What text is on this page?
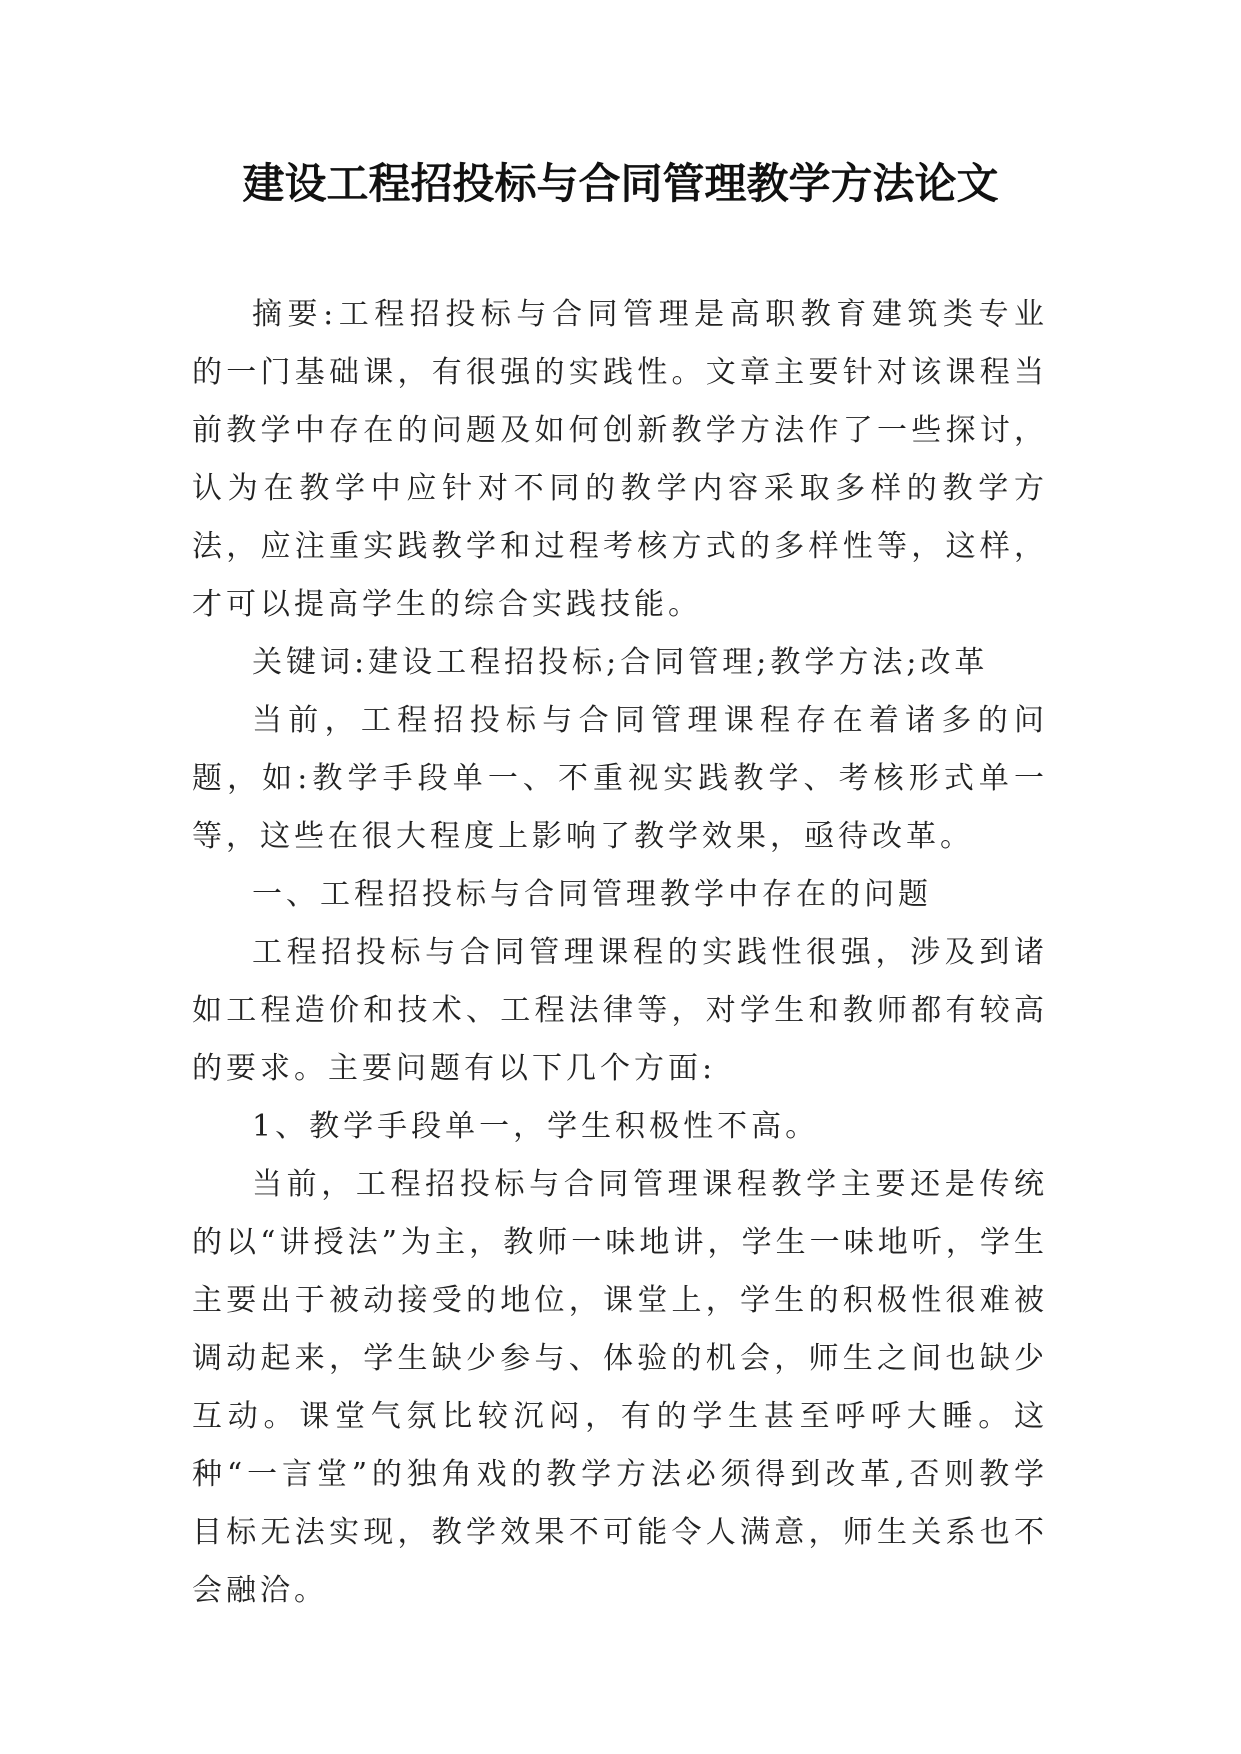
建设工程招投标与合同管理教学方法论文

摘要:工程招投标与合同管理是高职教育建筑类专业的一门基础课，有很强的实践性。文章主要针对该课程当前教学中存在的问题及如何创新教学方法作了一些探讨，认为在教学中应针对不同的教学内容采取多样的教学方法，应注重实践教学和过程考核方式的多样性等，这样，才可以提高学生的综合实践技能。

关键词:建设工程招投标;合同管理;教学方法;改革

当前，工程招投标与合同管理课程存在着诸多的问题，如:教学手段单一、不重视实践教学、考核形式单一等，这些在很大程度上影响了教学效果，亟待改革。

一、工程招投标与合同管理教学中存在的问题

工程招投标与合同管理课程的实践性很强，涉及到诸如工程造价和技术、工程法律等，对学生和教师都有较高的要求。主要问题有以下几个方面:

1、教学手段单一，学生积极性不高。

当前，工程招投标与合同管理课程教学主要还是传统的以“讲授法”为主，教师一味地讲，学生一味地听，学生主要出于被动接受的地位，课堂上，学生的积极性很难被调动起来，学生缺少参与、体验的机会，师生之间也缺少互动。课堂气氛比较沉闷，有的学生甚至呼呼大睡。这种“一言堂”的独角戏的教学方法必须得到改革,否则教学目标无法实现，教学效果不可能令人满意，师生关系也不会融洽。
